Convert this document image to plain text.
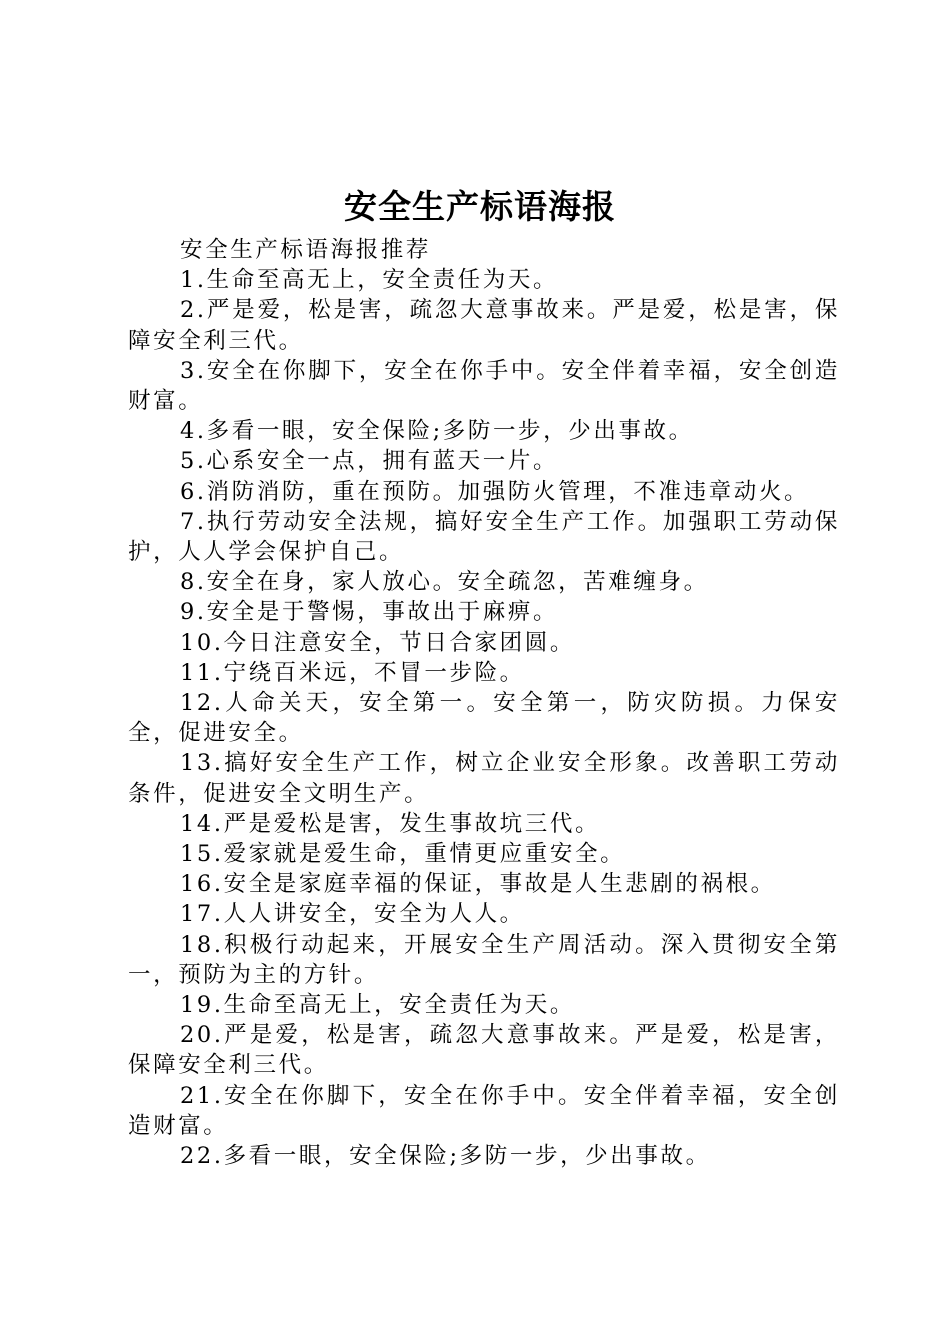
安全生产标语海报

安全生产标语海报推荐

1.生命至高无上，安全责任为天。

2.严是爱，松是害，疏忽大意事故来。严是爱，松是害，保障安全利三代。

3.安全在你脚下，安全在你手中。安全伴着幸福，安全创造财富。

4.多看一眼，安全保险;多防一步，少出事故。

5.心系安全一点，拥有蓝天一片。

6.消防消防，重在预防。加强防火管理，不准违章动火。

7.执行劳动安全法规，搞好安全生产工作。加强职工劳动保护，人人学会保护自己。

8.安全在身，家人放心。安全疏忽，苦难缠身。

9.安全是于警惕，事故出于麻痹。

10.今日注意安全，节日合家团圆。

11.宁绕百米远，不冒一步险。

12.人命关天，安全第一。安全第一，防灾防损。力保安全，促进安全。

13.搞好安全生产工作，树立企业安全形象。改善职工劳动条件，促进安全文明生产。

14.严是爱松是害，发生事故坑三代。

15.爱家就是爱生命，重情更应重安全。

16.安全是家庭幸福的保证，事故是人生悲剧的祸根。

17.人人讲安全，安全为人人。

18.积极行动起来，开展安全生产周活动。深入贯彻安全第一，预防为主的方针。

19.生命至高无上，安全责任为天。

20.严是爱，松是害，疏忽大意事故来。严是爱，松是害，保障安全利三代。

21.安全在你脚下，安全在你手中。安全伴着幸福，安全创造财富。

22.多看一眼，安全保险;多防一步，少出事故。
